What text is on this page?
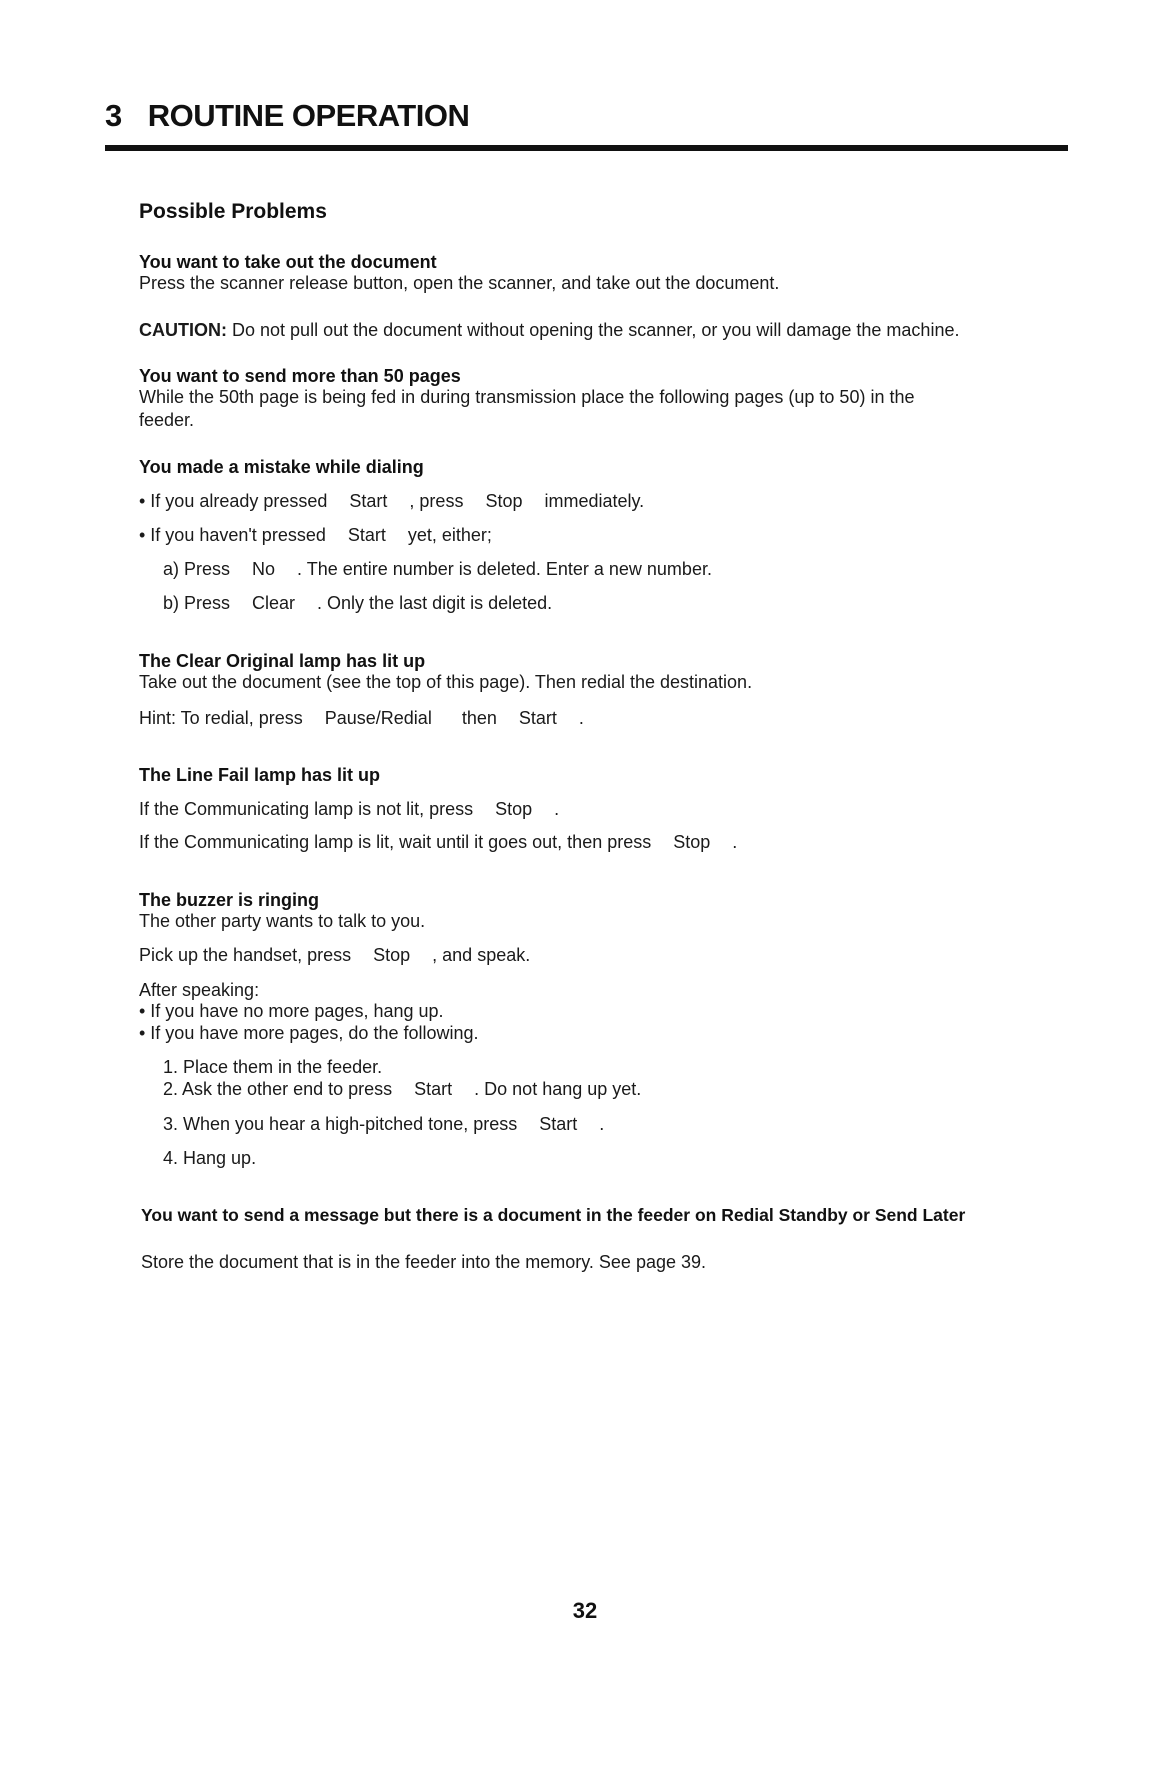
3 ROUTINE OPERATION
Possible Problems
You want to take out the document
Press the scanner release button, open the scanner, and take out the document.
CAUTION: Do not pull out the document without opening the scanner, or you will damage the machine.
You want to send more than 50 pages
While the 50th page is being fed in during transmission place the following pages (up to 50) in the
feeder.
You made a mistake while dialing
• If you already pressed Start , press Stop immediately.
• If you haven't pressed Start yet, either;
a) Press No . The entire number is deleted. Enter a new number.
b) Press Clear . Only the last digit is deleted.
The Clear Original lamp has lit up
Take out the document (see the top of this page). Then redial the destination.
Hint: To redial, press Pause/Redial then Start .
The Line Fail lamp has lit up
If the Communicating lamp is not lit, press Stop .
If the Communicating lamp is lit, wait until it goes out, then press Stop .
The buzzer is ringing
The other party wants to talk to you.
Pick up the handset, press Stop , and speak.
After speaking:
• If you have no more pages, hang up.
• If you have more pages, do the following.
1. Place them in the feeder.
2. Ask the other end to press Start . Do not hang up yet.
3. When you hear a high-pitched tone, press Start .
4. Hang up.
You want to send a message but there is a document in the feeder on Redial Standby or Send Later
Store the document that is in the feeder into the memory. See page 39.
32
